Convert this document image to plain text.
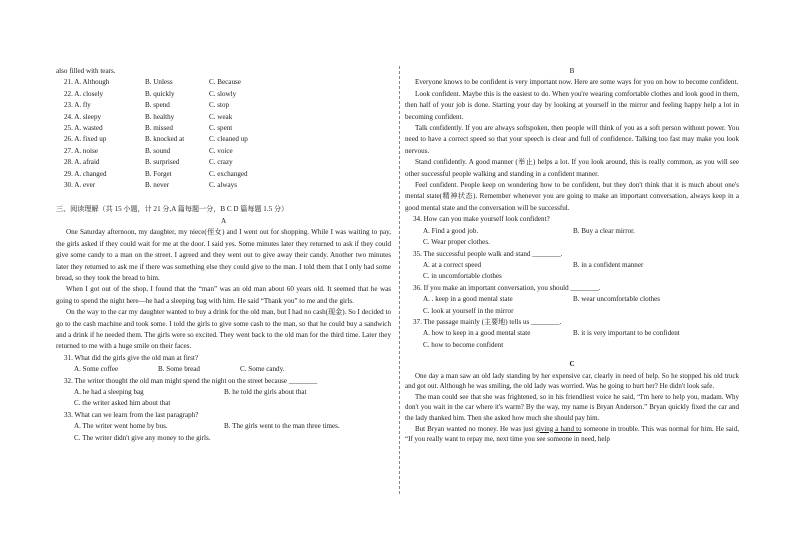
also filled with tears.

21. A. Although	B. Unless	C. Because
22. A. closely	B. quickly	C. slowly
23. A. fly	B. spend	C. stop
24. A. sleepy	B. healthy	C. weak
25. A. wasted	B. missed	C. spent
26. A. fixed up	B. knocked at	C. cleaned up
27. A. noise	B. sound	C. voice
28. A. afraid	B. surprised	C. crazy
29. A. changed	B. Forget	C. exchanged
30. A. ever	B. never	C. always

三、阅读理解（共 15 小题，计 21 分,A 篇每题一分，B C D 篇每题 1.5 分）

A

One Saturday afternoon, my daughter, my niece(侄女) and I went out for shopping. While I was waiting to pay, the girls asked if they could wait for me at the door. I said yes. Some minutes later they returned to ask if they could give some candy to a man on the street. I agreed and they went out to give away their candy. Another two minutes later they returned to ask me if there was something else they could give to the man. I told them that I only had some bread, so they took the bread to him.

When I got out of the shop, I found that the “man” was an old man about 60 years old. It seemed that he was going to spend the night here—he had a sleeping bag with him. He said “Thank you” to me and the girls.

On the way to the car my daughter wanted to buy a drink for the old man, but I had no cash(现金). So I decided to go to the cash machine and took some. I told the girls to give some cash to the man, so that he could buy a sandwich and a drink if he needed them. The girls were so excited. They went back to the old man for the third time. Later they returned to me with a huge smile on their faces.

31. What did the girls give the old man at first?

A. Some coffee	B. Some bread	C. Some candy.

32. The writer thought the old man might spend the night on the street because ________

A. he had a sleeping bag	B. he told the girls about that

C. the writer asked him about that

33. What can we learn from the last paragraph?

A. The writer went home by bus.	B. The girls went to the man three times.

C. The writer didn't give any money to the girls.

B

Everyone knows to be confident is very important now. Here are some ways for you on how to become confident.

Look confident. Maybe this is the easiest to do. When you're wearing comfortable clothes and look good in them, then half of your job is done. Starting your day by looking at yourself in the mirror and feeling happy help a lot in becoming confident.

Talk confidently. If you are always softspoken, then people will think of you as a soft person without power. You need to have a correct speed so that your speech is clear and full of confidence. Talking too fast may make you look nervous.

Stand confidently. A good manner (举止) helps a lot. If you look around, this is really common, as you will see other successful people walking and standing in a confident manner.

Feel confident. People keep on wondering how to be confident, but they don't think that it is much about one's mental state(精神状态). Remember whenever you are going to make an important conversation, always keep in a good mental state and the conversation will be successful.

34. How can you make yourself look confident?

A. Find a good job.	B. Buy a clear mirror.

C. Wear proper clothes.

35. The successful people walk and stand ________.

A. at a correct speed	B. in a confident manner

C. in uncomfortable clothes

36. If you make an important conversation, you should ________.

A. . keep in a good mental state	B. wear uncomfortable clothes

C. look at yourself in the mirror

37. The passage mainly (主要地) tells us ________.

A. how to keep in a good mental state	B. it is very important to be confident

C. how to become confident

C

One day a man saw an old lady standing by her expensive car, clearly in need of help. So he stopped his old truck and got out. Although he was smiling, the old lady was worried. Was he going to hurt her? He didn't look safe.

The man could see that she was frightened, so in his friendliest voice he said, “I'm here to help you, madam. Why don't you wait in the car where it's warm? By the way, my name is Bryan Anderson.” Bryan quickly fixed the car and the lady thanked him. Then she asked how much she should pay him.

But Bryan wanted no money. He was just giving a hand to someone in trouble. This was normal for him. He said, “If you really want to repay me, next time you see someone in need, help
